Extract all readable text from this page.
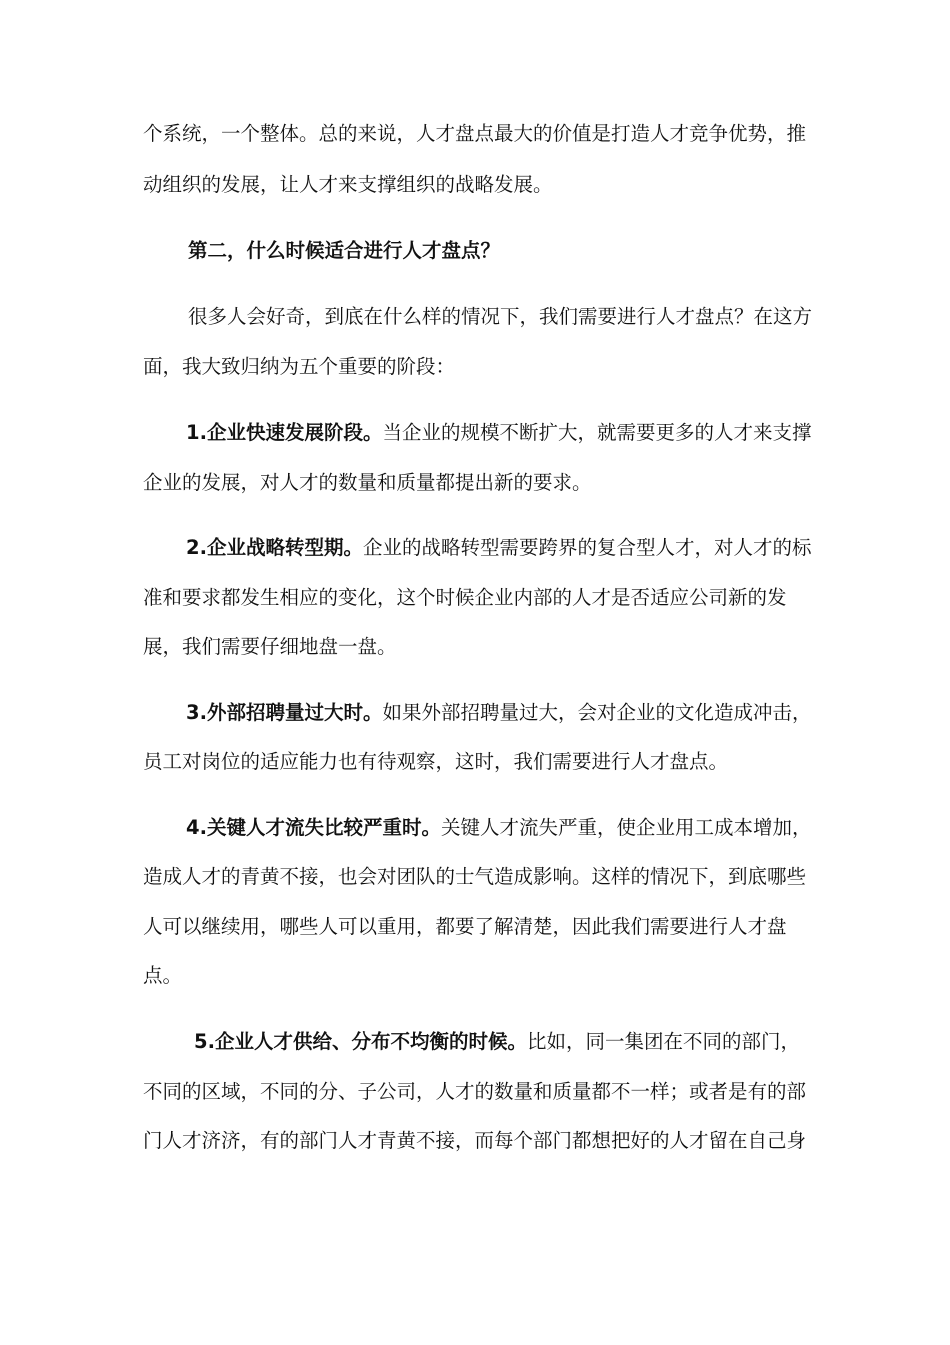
个系统，一个整体。总的来说，人才盘点最大的价值是打造人才竞争优势，推
动组织的发展，让人才来支撑组织的战略发展。
第二，什么时候适合进行人才盘点？
很多人会好奇，到底在什么样的情况下，我们需要进行人才盘点？在这方
面，我大致归纳为五个重要的阶段：
1.企业快速发展阶段。当企业的规模不断扩大，就需要更多的人才来支撑
企业的发展，对人才的数量和质量都提出新的要求。
2.企业战略转型期。企业的战略转型需要跨界的复合型人才，对人才的标
准和要求都发生相应的变化，这个时候企业内部的人才是否适应公司新的发
展，我们需要仔细地盘一盘。
3.外部招聘量过大时。如果外部招聘量过大，会对企业的文化造成冲击，
员工对岗位的适应能力也有待观察，这时，我们需要进行人才盘点。
4.关键人才流失比较严重时。关键人才流失严重，使企业用工成本增加，
造成人才的青黄不接，也会对团队的士气造成影响。这样的情况下，到底哪些
人可以继续用，哪些人可以重用，都要了解清楚，因此我们需要进行人才盘
点。
5.企业人才供给、分布不均衡的时候。比如，同一集团在不同的部门，
不同的区域，不同的分、子公司，人才的数量和质量都不一样；或者是有的部
门人才济济，有的部门人才青黄不接，而每个部门都想把好的人才留在自己身
